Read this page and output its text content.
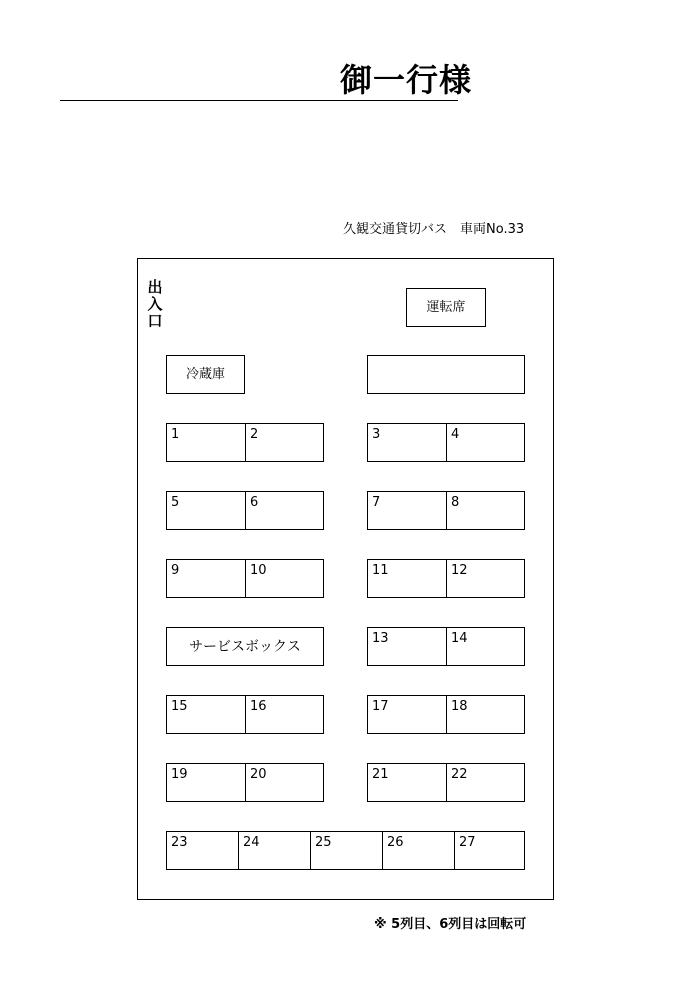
御一行様
久観交通貸切バス　車両No.33
出
入
口
運転席
冷蔵庫
1	2	3	4
5	6	7	8
9	10	11	12
サービスボックス	13	14
15	16	17	18
19	20	21	22
23	24	25	26	27
※ 5列目、6列目は回転可
